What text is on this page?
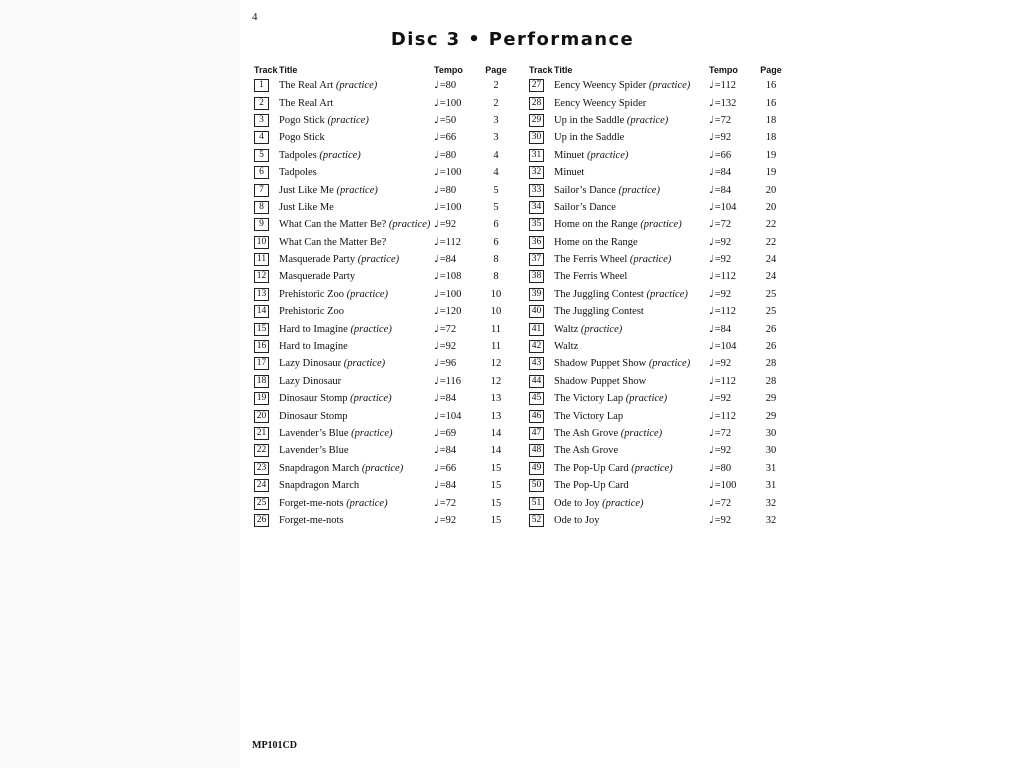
4
Disc 3 • Performance
Track	Title	Tempo	Page
1	The Real Art (practice)	♩=80	2
2	The Real Art	♩=100	2
3	Pogo Stick (practice)	♩=50	3
4	Pogo Stick	♩=66	3
5	Tadpoles (practice)	♩=80	4
6	Tadpoles	♩=100	4
7	Just Like Me (practice)	♩=80	5
8	Just Like Me	♩=100	5
9	What Can the Matter Be? (practice)	♩=92	6
10	What Can the Matter Be?	♩=112	6
11	Masquerade Party (practice)	♩=84	8
12	Masquerade Party	♩=108	8
13	Prehistoric Zoo (practice)	♩=100	10
14	Prehistoric Zoo	♩=120	10
15	Hard to Imagine (practice)	♩=72	11
16	Hard to Imagine	♩=92	11
17	Lazy Dinosaur (practice)	♩=96	12
18	Lazy Dinosaur	♩=116	12
19	Dinosaur Stomp (practice)	♩=84	13
20	Dinosaur Stomp	♩=104	13
21	Lavender’s Blue (practice)	♩=69	14
22	Lavender’s Blue	♩=84	14
23	Snapdragon March (practice)	♩=66	15
24	Snapdragon March	♩=84	15
25	Forget-me-nots (practice)	♩=72	15
26	Forget-me-nots	♩=92	15
Track	Title	Tempo	Page
27	Eency Weency Spider (practice)	♩=112	16
28	Eency Weency Spider	♩=132	16
29	Up in the Saddle (practice)	♩=72	18
30	Up in the Saddle	♩=92	18
31	Minuet (practice)	♩=66	19
32	Minuet	♩=84	19
33	Sailor’s Dance (practice)	♩=84	20
34	Sailor’s Dance	♩=104	20
35	Home on the Range (practice)	♩=72	22
36	Home on the Range	♩=92	22
37	The Ferris Wheel (practice)	♩=92	24
38	The Ferris Wheel	♩=112	24
39	The Juggling Contest (practice)	♩=92	25
40	The Juggling Contest	♩=112	25
41	Waltz (practice)	♩=84	26
42	Waltz	♩=104	26
43	Shadow Puppet Show (practice)	♩=92	28
44	Shadow Puppet Show	♩=112	28
45	The Victory Lap (practice)	♩=92	29
46	The Victory Lap	♩=112	29
47	The Ash Grove (practice)	♩=72	30
48	The Ash Grove	♩=92	30
49	The Pop-Up Card (practice)	♩=80	31
50	The Pop-Up Card	♩=100	31
51	Ode to Joy (practice)	♩=72	32
52	Ode to Joy	♩=92	32
MP101CD
